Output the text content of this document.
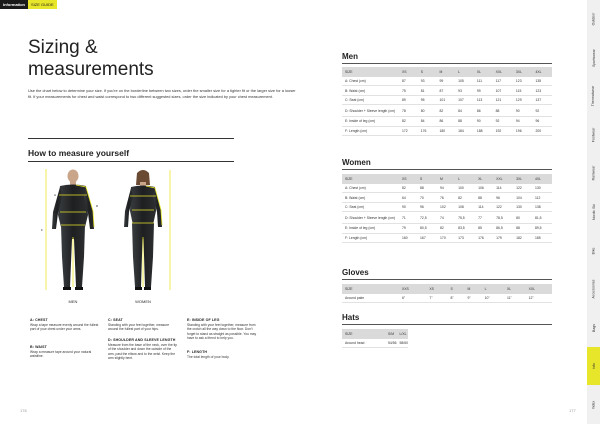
Information	SIZE GUIDE
Sizing &
measurements

Use the chart below to determine your size. If you're on the borderline between two sizes, order the smaller size for a tighter fit or the larger size for a looser fit. If your measurements for chest and waist correspond to two different suggested sizes, order the size indicated by your chest measurement.

How to measure yourself
A
B
C
D
E
F
MEN	WOMEN
A: CHEST
Wrap a tape measure evenly around the fullest part of your chest under your arms.
B: WAIST
Wrap a measure tape around your natural waistline.
C: SEAT
Standing with your feet together, measure around the fullest part of your hips.
D: SHOULDER AND SLEEVE LENGTH
Measure from the base of the neck, over the tip of the shoulder and down the outside of the arm, past the elbow and to the wrist. Keep the arm slightly bent.
E: INSIDE OF LEG
Standing with your feet together, measure from the crotch all the way down to the floor. Don't forget to stand as straight as possible. You may have to ask a friend to help you.
F: LENGTH
The total length of your body.
176
Men
SIZE	XS	S	M	L	XL	XXL	3XL	4XL
A: Chest (cm)	87	93	99	105	111	117	123	135
B: Waist (cm)	75	81	87	93	99	107	115	123
C: Seat (cm)	89	95	101	107	113	121	129	137
D: Shoulder + Sleeve length (cm)	78	80	82	84	86	88	90	92
E: Inside of leg (cm)	82	84	86	88	90	92	94	96
F: Length (cm)	172	176	180	184	188	192	196	200
Women
SIZE	XS	S	M	L	XL	XXL	3XL	4XL
A: Chest (cm)	82	88	94	100	106	114	122	130
B: Waist (cm)	64	70	76	82	88	96	104	112
C: Seat (cm)	90	96	102	108	114	122	130	138
D: Shoulder + Sleeve length (cm)	71	72,5	74	75,5	77	78,5	80	81,5
E: Inside of leg (cm)	79	80,5	82	83,5	85	86,5	88	89,5
F: Length (cm)	160	167	170	173	176	179	182	185
Gloves
SIZE	XXS	XS	S	M	L	XL	XXL
Around palm	6"	7"	8"	9"	10"	11"	12"
Hats
SIZE	S/M	L/XL
Around head	54/56	58/60
177
Outdoor
Sportswear
Thermalwear
Footwear
Rainwear
Nordic Ski
Bike
Accessories
Bags
Info
Index
